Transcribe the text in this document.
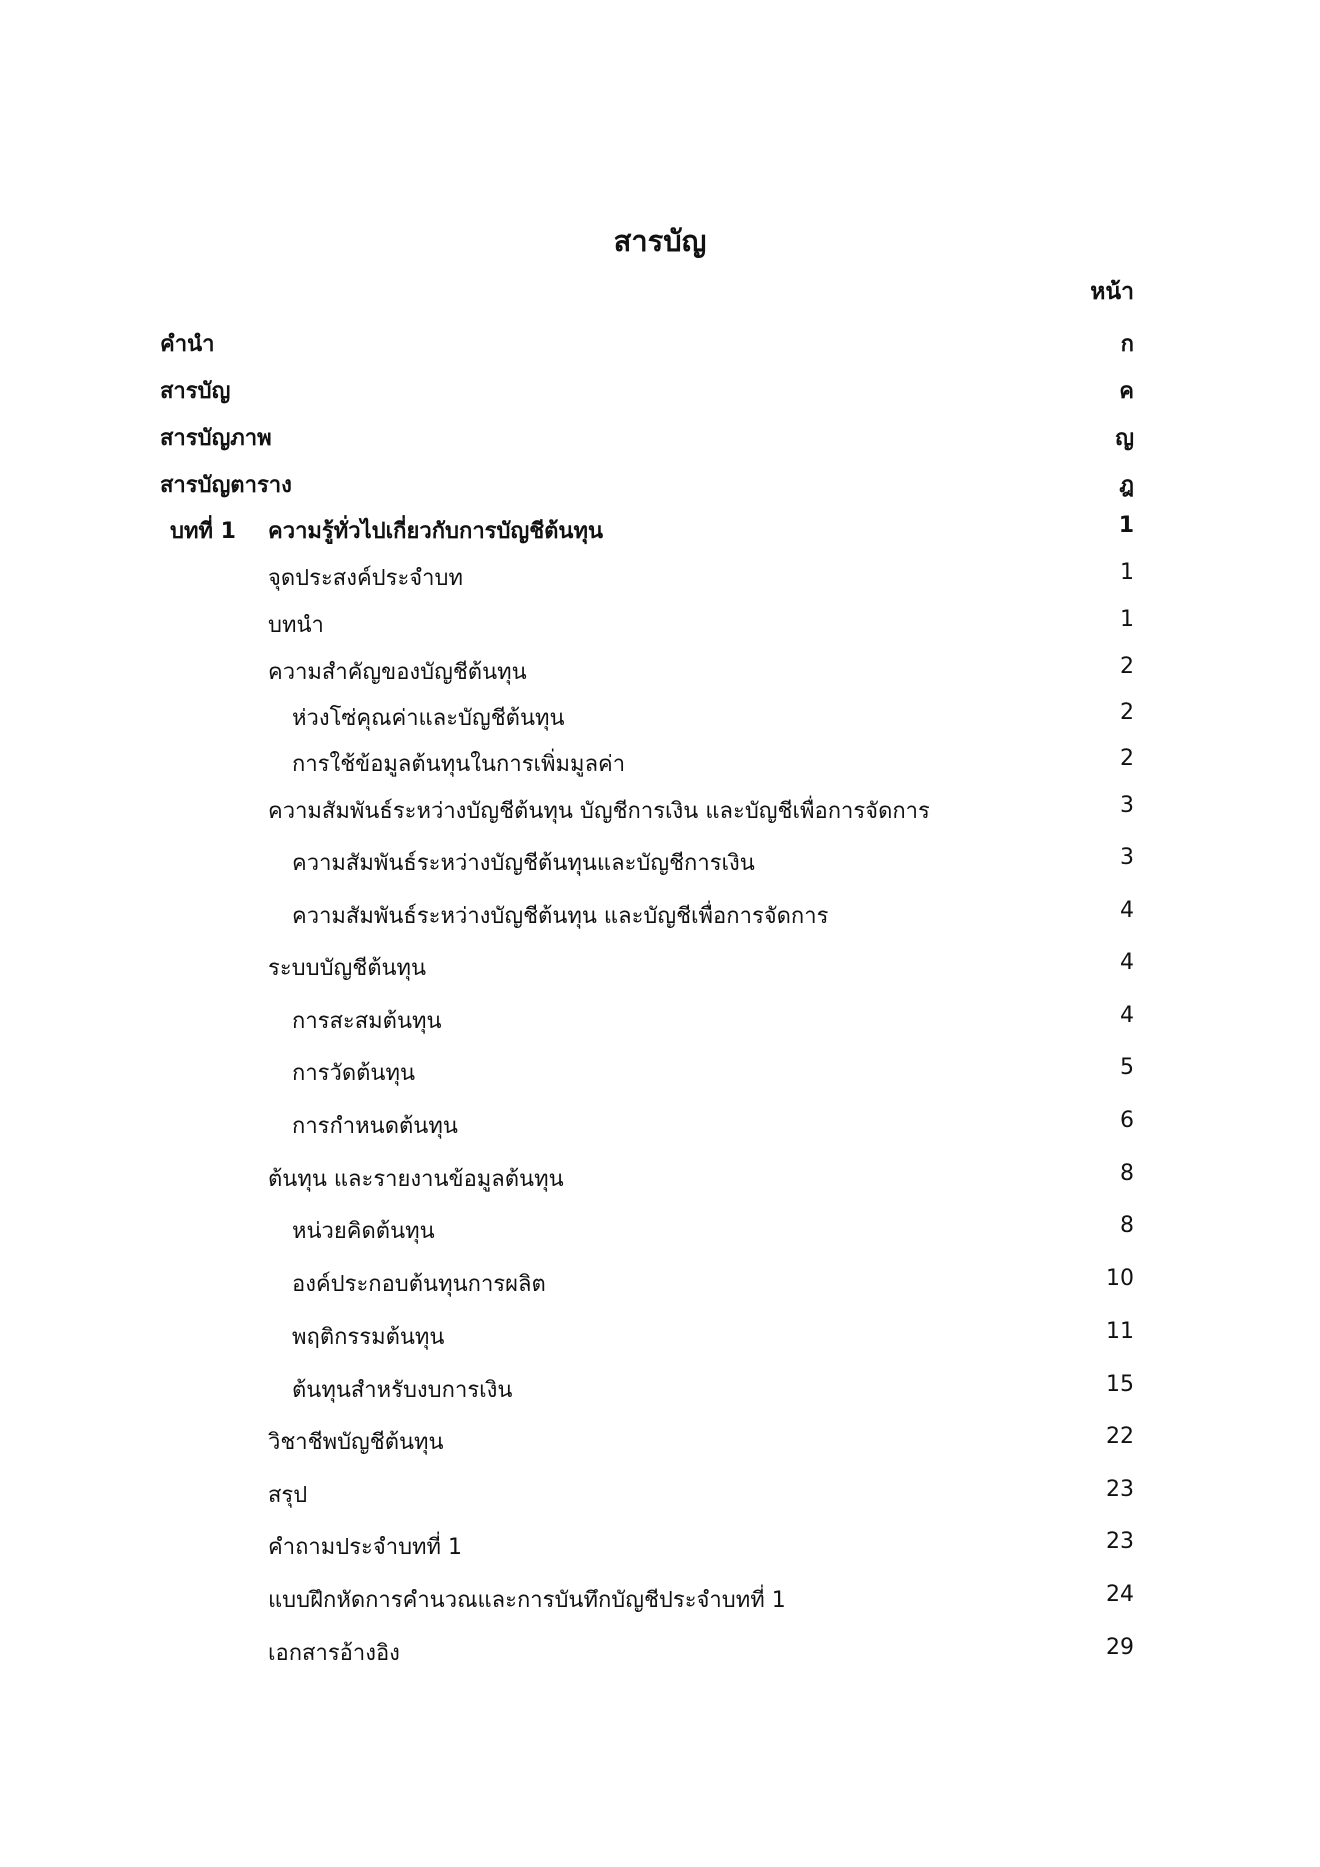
สารบัญ
หน้า
คำนำ	ก
สารบัญ	ค
สารบัญภาพ	ญ
สารบัญตาราง	ฎ
บทที่ 1 ความรู้ทั่วไปเกี่ยวกับการบัญชีต้นทุน	1
จุดประสงค์ประจำบท	1
บทนำ	1
ความสำคัญของบัญชีต้นทุน	2
ห่วงโซ่คุณค่าและบัญชีต้นทุน	2
การใช้ข้อมูลต้นทุนในการเพิ่มมูลค่า	2
ความสัมพันธ์ระหว่างบัญชีต้นทุน บัญชีการเงิน และบัญชีเพื่อการจัดการ	3
ความสัมพันธ์ระหว่างบัญชีต้นทุนและบัญชีการเงิน	3
ความสัมพันธ์ระหว่างบัญชีต้นทุน และบัญชีเพื่อการจัดการ	4
ระบบบัญชีต้นทุน	4
การสะสมต้นทุน	4
การวัดต้นทุน	5
การกำหนดต้นทุน	6
ต้นทุน และรายงานข้อมูลต้นทุน	8
หน่วยคิดต้นทุน	8
องค์ประกอบต้นทุนการผลิต	10
พฤติกรรมต้นทุน	11
ต้นทุนสำหรับงบการเงิน	15
วิชาชีพบัญชีต้นทุน	22
สรุป	23
คำถามประจำบทที่ 1	23
แบบฝึกหัดการคำนวณและการบันทึกบัญชีประจำบทที่ 1	24
เอกสารอ้างอิง	29
